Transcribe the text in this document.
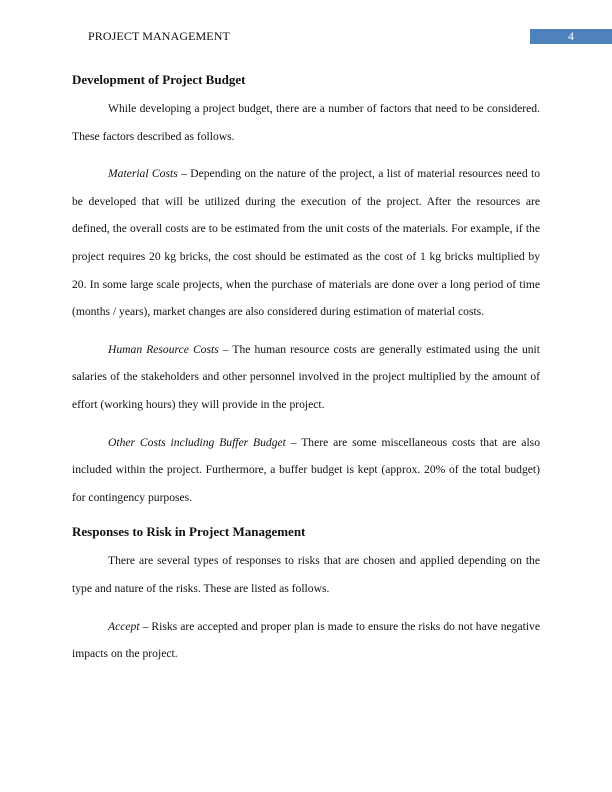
PROJECT MANAGEMENT	4
Development of Project Budget

While developing a project budget, there are a number of factors that need to be considered. These factors described as follows.

Material Costs – Depending on the nature of the project, a list of material resources need to be developed that will be utilized during the execution of the project. After the resources are defined, the overall costs are to be estimated from the unit costs of the materials. For example, if the project requires 20 kg bricks, the cost should be estimated as the cost of 1 kg bricks multiplied by 20. In some large scale projects, when the purchase of materials are done over a long period of time (months / years), market changes are also considered during estimation of material costs.

Human Resource Costs – The human resource costs are generally estimated using the unit salaries of the stakeholders and other personnel involved in the project multiplied by the amount of effort (working hours) they will provide in the project.

Other Costs including Buffer Budget – There are some miscellaneous costs that are also included within the project. Furthermore, a buffer budget is kept (approx. 20% of the total budget) for contingency purposes.

Responses to Risk in Project Management

There are several types of responses to risks that are chosen and applied depending on the type and nature of the risks. These are listed as follows.

Accept – Risks are accepted and proper plan is made to ensure the risks do not have negative impacts on the project.
